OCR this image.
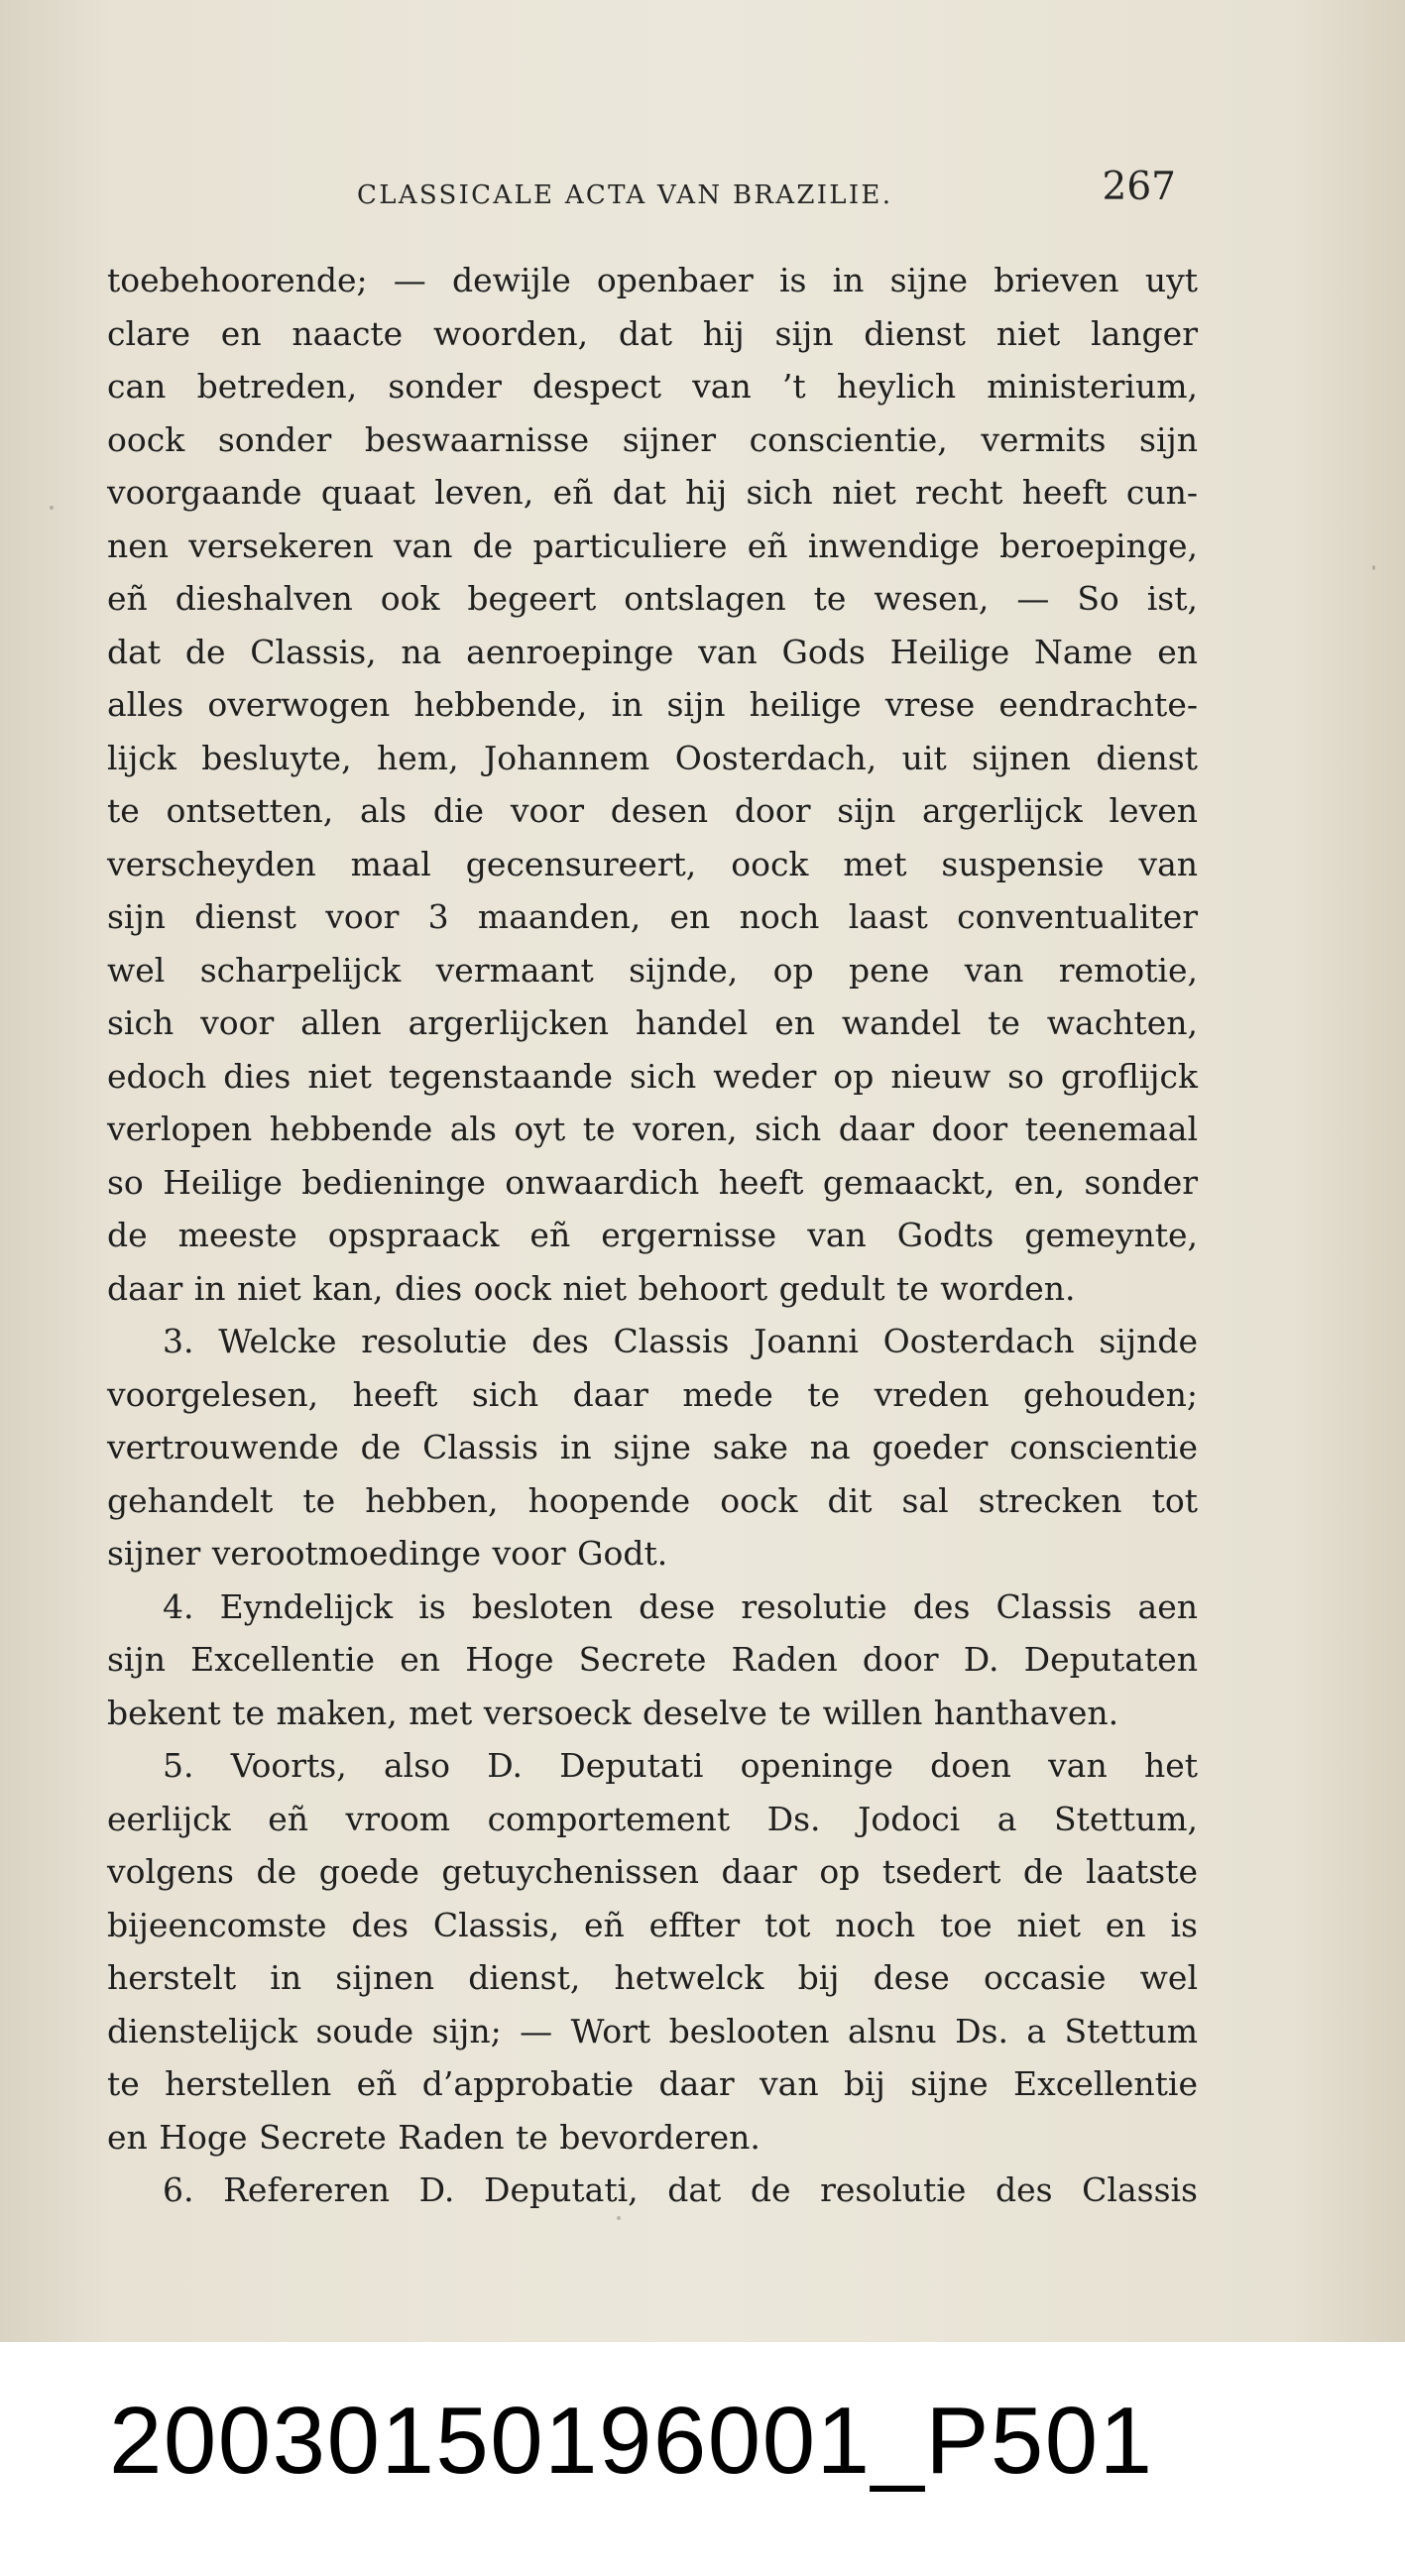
CLASSICALE ACTA VAN BRAZILIE.	267
toebehoorende; — dewijle openbaer is in sijne brieven uyt
clare en naacte woorden, dat hij sijn dienst niet langer
can betreden, sonder despect van ’t heylich ministerium,
oock sonder beswaarnisse sijner conscientie, vermits sijn
voorgaande quaat leven, eñ dat hij sich niet recht heeft cun-
nen versekeren van de particuliere eñ inwendige beroepinge,
eñ dieshalven ook begeert ontslagen te wesen, — So ist,
dat de Classis, na aenroepinge van Gods Heilige Name en
alles overwogen hebbende, in sijn heilige vrese eendrachte-
lijck besluyte, hem, Johannem Oosterdach, uit sijnen dienst
te ontsetten, als die voor desen door sijn argerlijck leven
verscheyden maal gecensureert, oock met suspensie van
sijn dienst voor 3 maanden, en noch laast conventualiter
wel scharpelijck vermaant sijnde, op pene van remotie,
sich voor allen argerlijcken handel en wandel te wachten,
edoch dies niet tegenstaande sich weder op nieuw so groflijck
verlopen hebbende als oyt te voren, sich daar door teenemaal
so Heilige bedieninge onwaardich heeft gemaackt, en, sonder
de meeste opspraack eñ ergernisse van Godts gemeynte,
daar in niet kan, dies oock niet behoort gedult te worden.
3. Welcke resolutie des Classis Joanni Oosterdach sijnde
voorgelesen, heeft sich daar mede te vreden gehouden;
vertrouwende de Classis in sijne sake na goeder conscientie
gehandelt te hebben, hoopende oock dit sal strecken tot
sijner verootmoedinge voor Godt.
4. Eyndelijck is besloten dese resolutie des Classis aen
sijn Excellentie en Hoge Secrete Raden door D. Deputaten
bekent te maken, met versoeck deselve te willen hanthaven.
5. Voorts, also D. Deputati openinge doen van het
eerlijck eñ vroom comportement Ds. Jodoci a Stettum,
volgens de goede getuychenissen daar op tsedert de laatste
bijeencomste des Classis, eñ effter tot noch toe niet en is
herstelt in sijnen dienst, hetwelck bij dese occasie wel
dienstelijck soude sijn; — Wort beslooten alsnu Ds. a Stettum
te herstellen eñ d’approbatie daar van bij sijne Excellentie
en Hoge Secrete Raden te bevorderen.
6. Refereren D. Deputati, dat de resolutie des Classis
20030150196001_P501
